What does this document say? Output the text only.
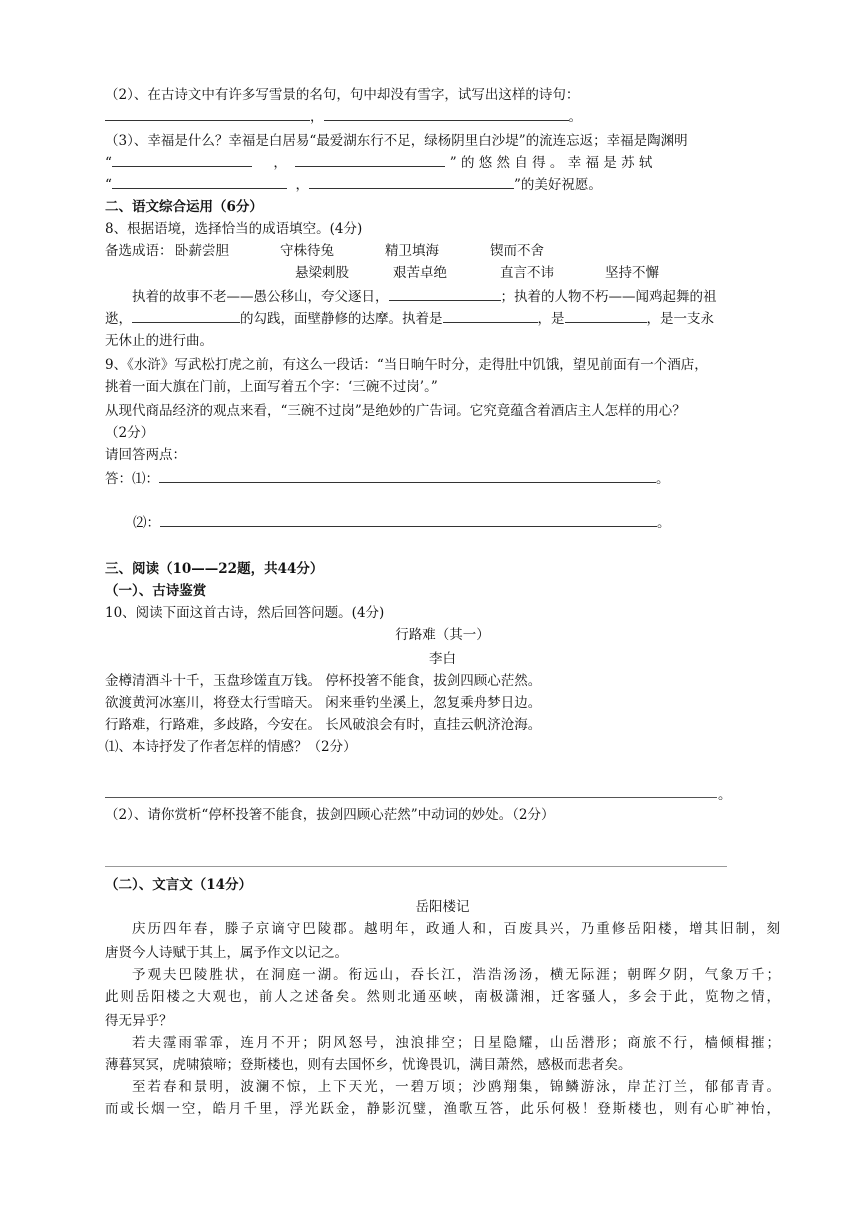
（2）、在古诗文中有许多写雪景的名句，句中却没有雪字，试写出这样的诗句：
，	。
（3）、幸福是什么？幸福是白居易“最爱湖东行不足，绿杨阴里白沙堤”的流连忘返；幸福是陶渊明
“	，	” 的 悠 然 自 得 。 幸 福 是 苏 轼
“	，	”的美好祝愿。
二、语文综合运用（6分）
8、根据语境，选择恰当的成语填空。(4分)
备选成语： 卧薪尝胆	守株待兔	精卫填海	锲而不舍
悬梁刺股	艰苦卓绝	直言不讳	坚持不懈
执着的故事不老——愚公移山，夸父逐日，	；执着的人物不朽——闻鸡起舞的祖
逖，	的勾践，面壁静修的达摩。执着是	，是	，是一支永
无休止的进行曲。
9、《水浒》写武松打虎之前，有这么一段话：“当日晌午时分，走得肚中饥饿，望见前面有一个酒店，
挑着一面大旗在门前，上面写着五个字：‘三碗不过岗’。”
从现代商品经济的观点来看，“三碗不过岗”是绝妙的广告词。它究竟蕴含着酒店主人怎样的用心？
（2分）
请回答两点：
答：⑴：	。
⑵：	。
三、阅读（10——22题，共44分）
（一）、古诗鉴赏
10、阅读下面这首古诗，然后回答问题。(4分)
行路难（其一）
李白
金樽清酒斗十千，玉盘珍馐直万钱。 停杯投箸不能食，拔剑四顾心茫然。
欲渡黄河冰塞川，将登太行雪暗天。 闲来垂钓坐溪上，忽复乘舟梦日边。
行路难，行路难，多歧路，今安在。 长风破浪会有时，直挂云帆济沧海。
⑴、本诗抒发了作者怎样的情感？（2分）
。
（2）、请你赏析“停杯投箸不能食，拔剑四顾心茫然”中动词的妙处。（2分）
（二）、文言文（14分）
岳阳楼记
庆历四年春，滕子京谪守巴陵郡。越明年，政通人和，百废具兴，乃重修岳阳楼，增其旧制，刻
唐贤今人诗赋于其上，属予作文以记之。
予观夫巴陵胜状，在洞庭一湖。衔远山，吞长江，浩浩汤汤，横无际涯；朝晖夕阴，气象万千；
此则岳阳楼之大观也，前人之述备矣。然则北通巫峡，南极潇湘，迁客骚人，多会于此，览物之情，
得无异乎？
若夫霪雨霏霏，连月不开；阴风怒号，浊浪排空；日星隐耀，山岳潜形；商旅不行，樯倾楫摧；
薄暮冥冥，虎啸猿啼；登斯楼也，则有去国怀乡，忧谗畏讥，满目萧然，感极而悲者矣。
至若春和景明，波澜不惊，上下天光，一碧万顷；沙鸥翔集，锦鳞游泳，岸芷汀兰，郁郁青青。
而或长烟一空，皓月千里，浮光跃金，静影沉璧，渔歌互答，此乐何极！登斯楼也，则有心旷神怡，
